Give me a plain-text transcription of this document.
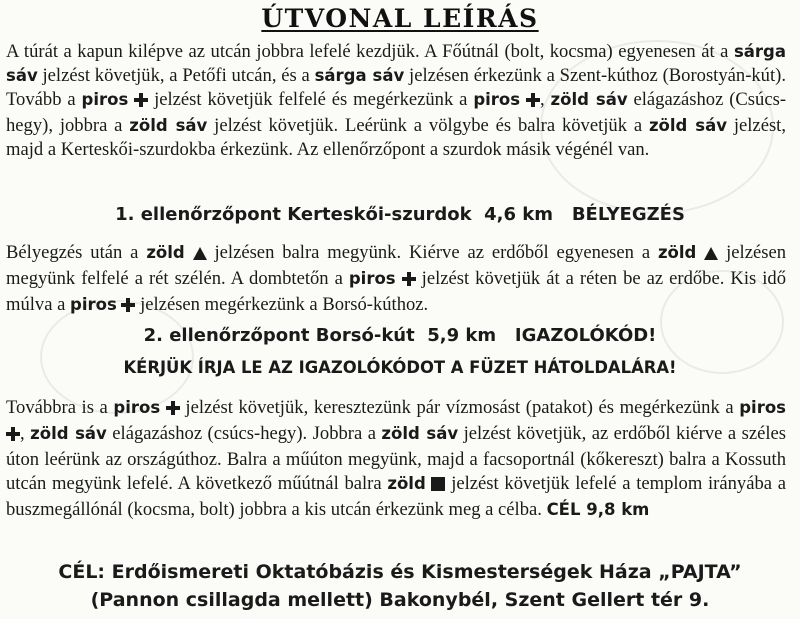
ÚTVONAL LEÍRÁS
A túrát a kapun kilépve az utcán jobbra lefelé kezdjük. A Főútnál (bolt, kocsma) egyenesen át a sárga sáv jelzést követjük, a Petőfi utcán, és a sárga sáv jelzésen érkezünk a Szent-kúthoz (Borostyán-kút). Tovább a piros  jelzést követjük felfelé és megérkezünk a piros , zöld sáv elágazáshoz (Csúcs-hegy), jobbra a zöld sáv jelzést követjük. Leérünk a völgybe és balra követjük a zöld sáv jelzést, majd a Kerteskői-szurdokba érkezünk. Az ellenőrzőpont a szurdok másik végénél van.
1. ellenőrzőpont Kerteskői-szurdok  4,6 km   BÉLYEGZÉS
Bélyegzés után a zöld  jelzésen balra megyünk. Kiérve az erdőből egyenesen a zöld  jelzésen megyünk felfelé a rét szélén. A dombtetőn a piros  jelzést követjük át a réten be az erdőbe. Kis idő múlva a piros  jelzésen megérkezünk a Borsó-kúthoz.
2. ellenőrzőpont Borsó-kút  5,9 km   IGAZOLÓKÓD!
KÉRJÜK ÍRJA LE AZ IGAZOLÓKÓDOT A FÜZET HÁTOLDALÁRA!
Továbbra is a piros  jelzést követjük, keresztezünk pár vízmosást (patakot) és megérkezünk a piros , zöld sáv elágazáshoz (csúcs-hegy). Jobbra a zöld sáv jelzést követjük, az erdőből kiérve a széles úton leérünk az országúthoz. Balra a műúton megyünk, majd a facsoportnál (kőkereszt) balra a Kossuth utcán megyünk lefelé. A következő műútnál balra zöld  jelzést követjük lefelé a templom irányába a buszmegállónál (kocsma, bolt) jobbra a kis utcán érkezünk meg a célba. CÉL 9,8 km
CÉL: Erdőismereti Oktatóbázis és Kismesterségek Háza „PAJTA”
(Pannon csillagda mellett) Bakonybél, Szent Gellert tér 9.
